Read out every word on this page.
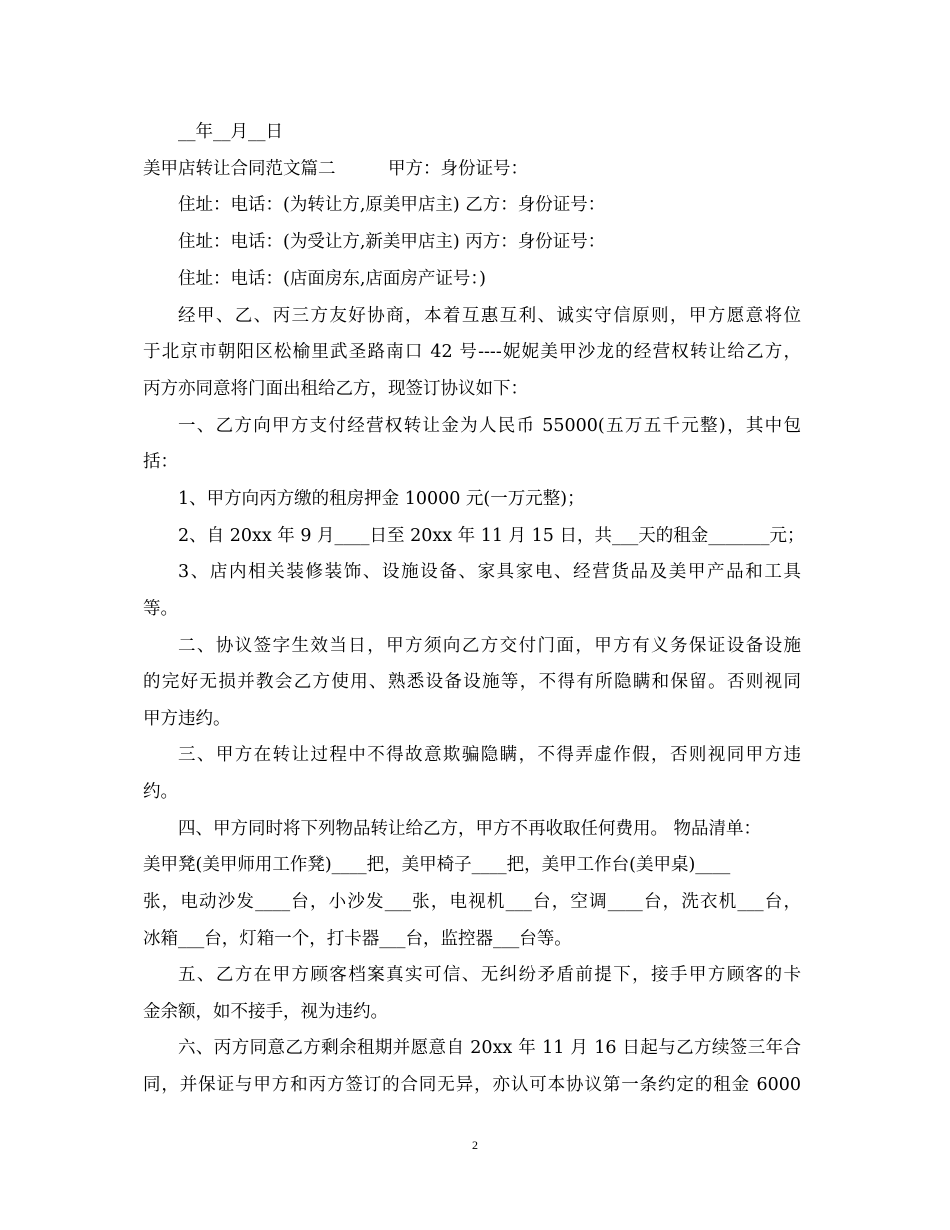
__年__月__日
美甲店转让合同范文篇二　　　甲方：身份证号：
住址：电话：(为转让方,原美甲店主) 乙方：身份证号：
住址：电话：(为受让方,新美甲店主) 丙方：身份证号：
住址：电话：(店面房东,店面房产证号：)
经甲、乙、丙三方友好协商，本着互惠互利、诚实守信原则，甲方愿意将位
于北京市朝阳区松榆里武圣路南口 42 号----妮妮美甲沙龙的经营权转让给乙方，
丙方亦同意将门面出租给乙方，现签订协议如下：
一、乙方向甲方支付经营权转让金为人民币 55000(五万五千元整)，其中包
括：
1、甲方向丙方缴的租房押金 10000 元(一万元整)；
2、自 20xx 年 9 月____日至 20xx 年 11 月 15 日，共___天的租金_______元；
3、店内相关装修装饰、设施设备、家具家电、经营货品及美甲产品和工具
等。
二、协议签字生效当日，甲方须向乙方交付门面，甲方有义务保证设备设施
的完好无损并教会乙方使用、熟悉设备设施等，不得有所隐瞒和保留。否则视同
甲方违约。
三、甲方在转让过程中不得故意欺骗隐瞒，不得弄虚作假，否则视同甲方违
约。
四、甲方同时将下列物品转让给乙方，甲方不再收取任何费用。 物品清单：
美甲凳(美甲师用工作凳)____把，美甲椅子____把，美甲工作台(美甲桌)____
张，电动沙发____台，小沙发___张，电视机___台，空调____台，洗衣机___台，
冰箱___台，灯箱一个，打卡器___台，监控器___台等。
五、乙方在甲方顾客档案真实可信、无纠纷矛盾前提下，接手甲方顾客的卡
金余额，如不接手，视为违约。
六、丙方同意乙方剩余租期并愿意自 20xx 年 11 月 16 日起与乙方续签三年合
同，并保证与甲方和丙方签订的合同无异，亦认可本协议第一条约定的租金 6000
2
